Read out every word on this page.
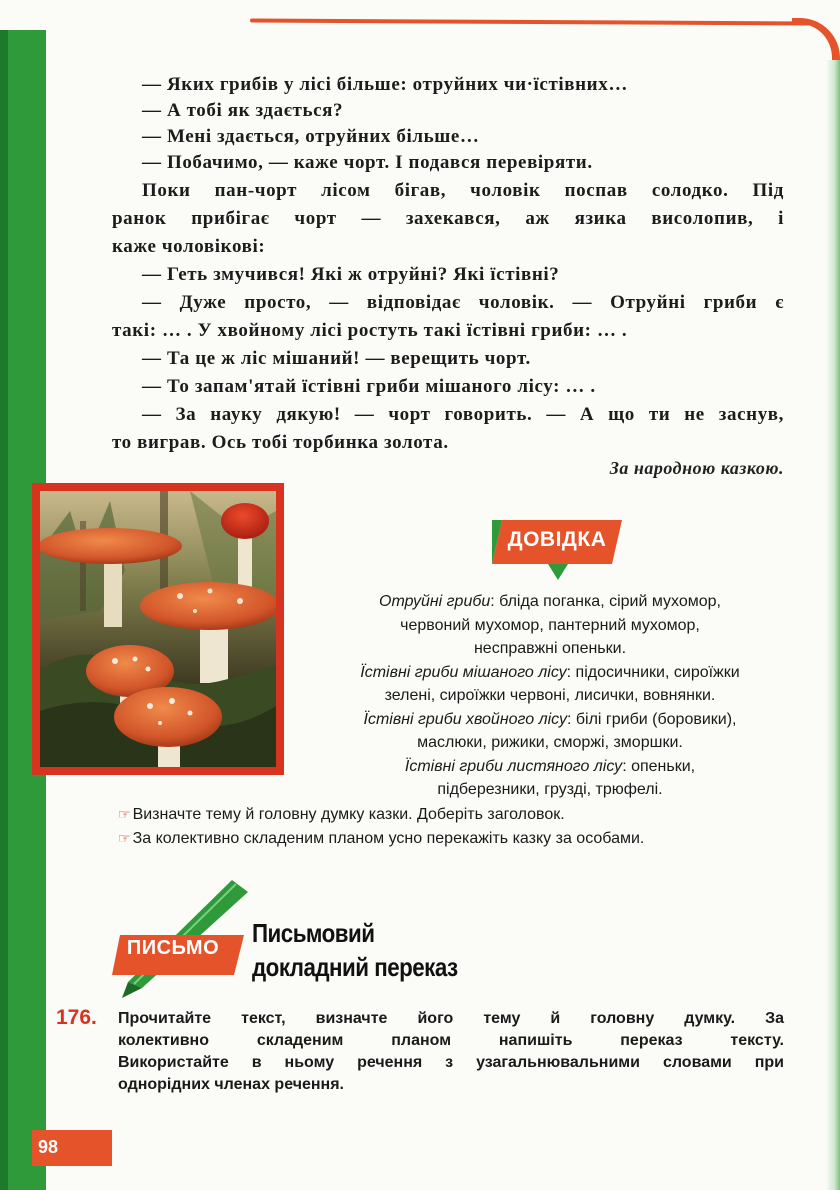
— Яких грибів у лісі більше: отруйних чи·їстівних…
— А тобі як здається?
— Мені здається, отруйних більше…
— Побачимо, — каже чорт. І подався перевіряти.
Поки пан-чорт лісом бігав, чоловік поспав солодко. Під
ранок прибігає чорт — захекався, аж язика висолопив, і
каже чоловікові:
— Геть змучився! Які ж отруйні? Які їстівні?
— Дуже просто, — відповідає чоловік. — Отруйні гриби є
такі: … . У хвойному лісі ростуть такі їстівні гриби: … .
— Та це ж ліс мішаний! — верещить чорт.
— То запам'ятай їстівні гриби мішаного лісу: … .
— За науку дякую! — чорт говорить. — А що ти не заснув,
то виграв. Ось тобі торбинка золота.
За народною казкою.
ДОВІДКА
Отруйні гриби: бліда поганка, сірий мухомор,
червоний мухомор, пантерний мухомор,
несправжні опеньки.
Їстівні гриби мішаного лісу: підосичники, сироїжки
зелені, сироїжки червоні, лисички, вовнянки.
Їстівні гриби хвойного лісу: білі гриби (боровики),
маслюки, рижики, сморжі, зморшки.
Їстівні гриби листяного лісу: опеньки,
підберезники, грузді, трюфелі.
☞ Визначте тему й головну думку казки. Доберіть заголовок.
☞ За колективно складеним планом усно перекажіть казку за особами.
ПИСЬМО	Письмовий
докладний переказ
176. Прочитайте текст, визначте його тему й головну думку. За
колективно складеним планом напишіть переказ тексту.
Використайте в ньому речення з узагальнювальними словами при
однорідних членах речення.
98
